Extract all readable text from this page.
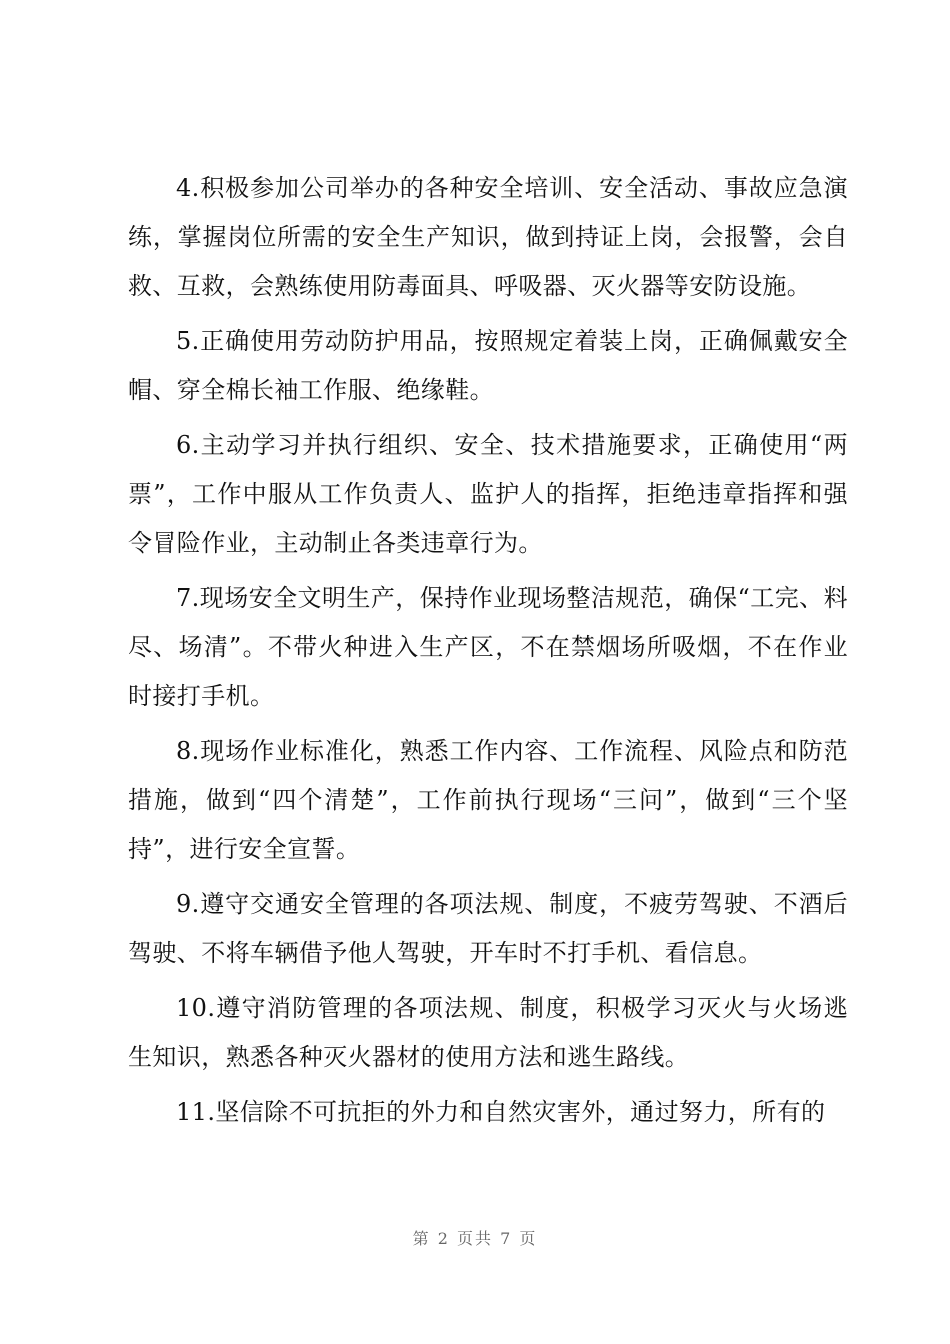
4.积极参加公司举办的各种安全培训、安全活动、事故应急演练，掌握岗位所需的安全生产知识，做到持证上岗，会报警，会自救、互救，会熟练使用防毒面具、呼吸器、灭火器等安防设施。

5.正确使用劳动防护用品，按照规定着装上岗，正确佩戴安全帽、穿全棉长袖工作服、绝缘鞋。

6.主动学习并执行组织、安全、技术措施要求，正确使用“两票”，工作中服从工作负责人、监护人的指挥，拒绝违章指挥和强令冒险作业，主动制止各类违章行为。

7.现场安全文明生产，保持作业现场整洁规范，确保“工完、料尽、场清”。不带火种进入生产区，不在禁烟场所吸烟，不在作业时接打手机。

8.现场作业标准化，熟悉工作内容、工作流程、风险点和防范措施，做到“四个清楚”，工作前执行现场“三问”，做到“三个坚持”，进行安全宣誓。

9.遵守交通安全管理的各项法规、制度，不疲劳驾驶、不酒后驾驶、不将车辆借予他人驾驶，开车时不打手机、看信息。

10.遵守消防管理的各项法规、制度，积极学习灭火与火场逃生知识，熟悉各种灭火器材的使用方法和逃生路线。

11.坚信除不可抗拒的外力和自然灾害外，通过努力，所有的

第 2 页共 7 页
